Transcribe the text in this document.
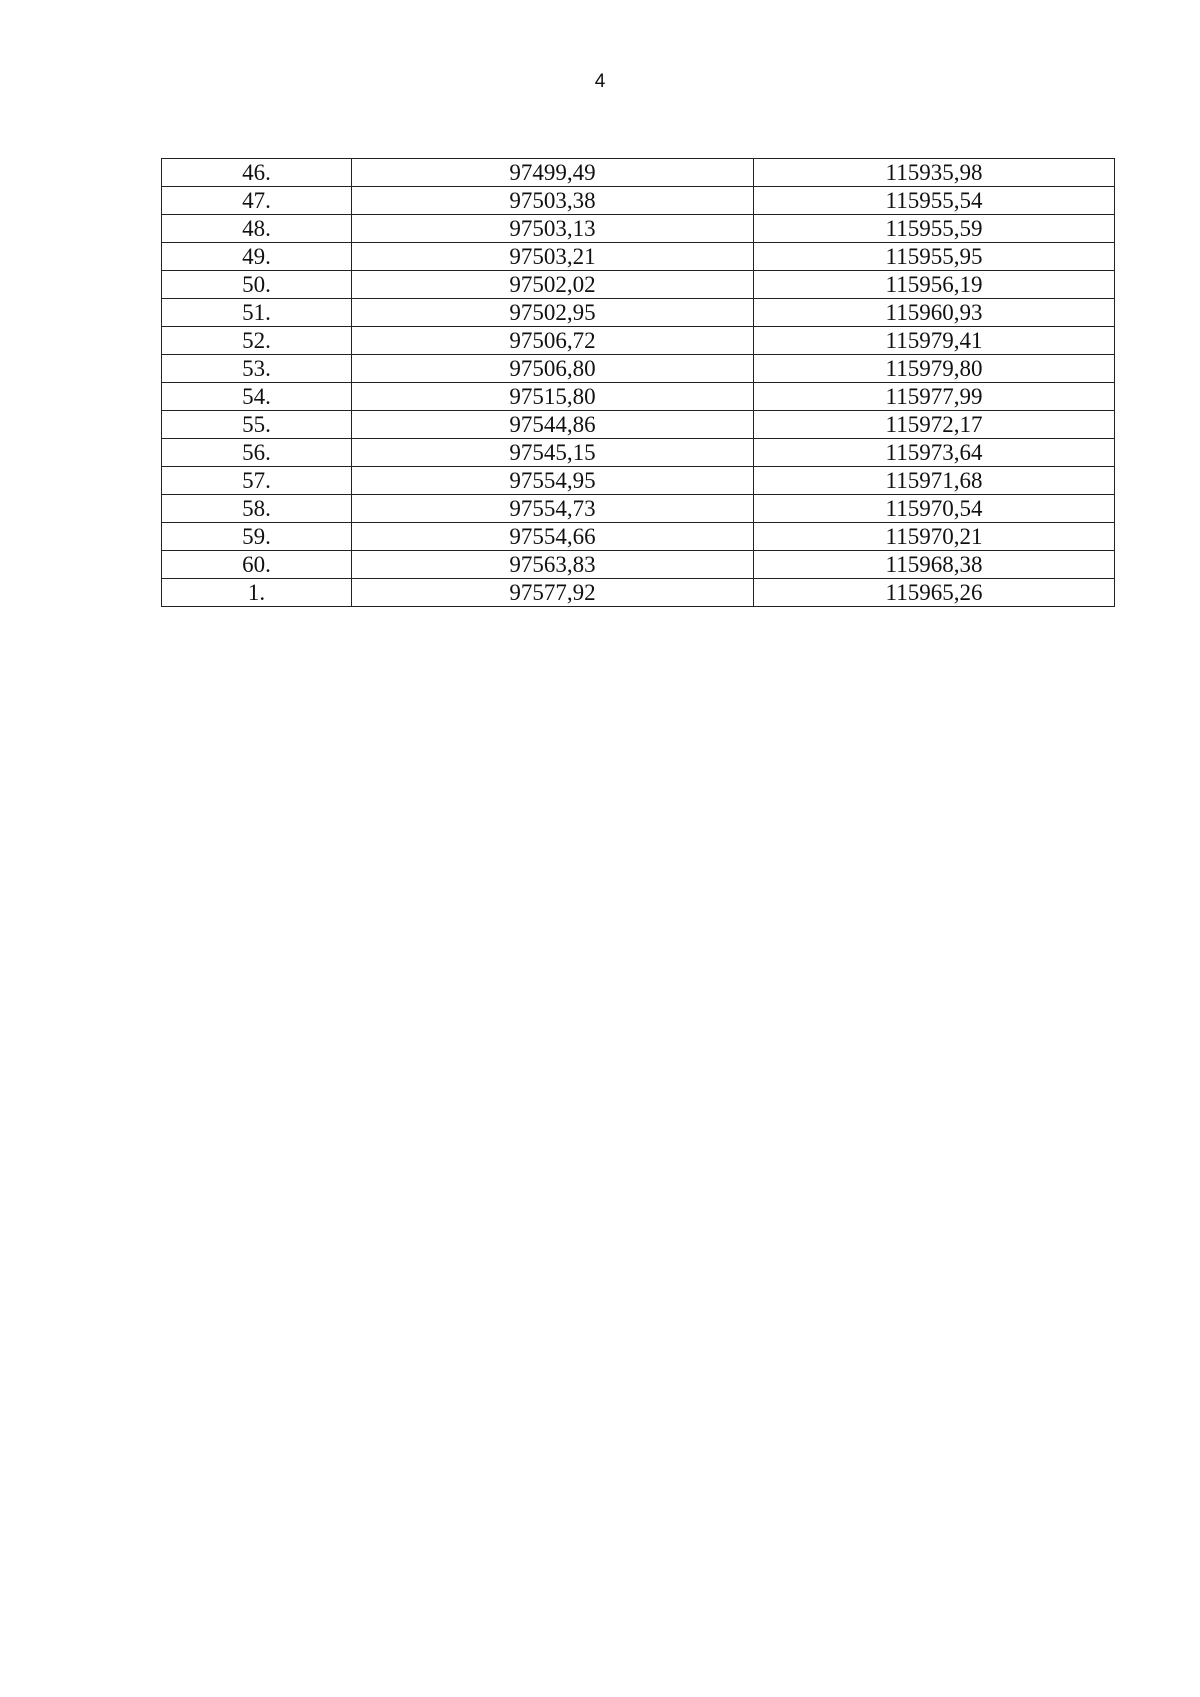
4
46.	97499,49	115935,98
47.	97503,38	115955,54
48.	97503,13	115955,59
49.	97503,21	115955,95
50.	97502,02	115956,19
51.	97502,95	115960,93
52.	97506,72	115979,41
53.	97506,80	115979,80
54.	97515,80	115977,99
55.	97544,86	115972,17
56.	97545,15	115973,64
57.	97554,95	115971,68
58.	97554,73	115970,54
59.	97554,66	115970,21
60.	97563,83	115968,38
1.	97577,92	115965,26
